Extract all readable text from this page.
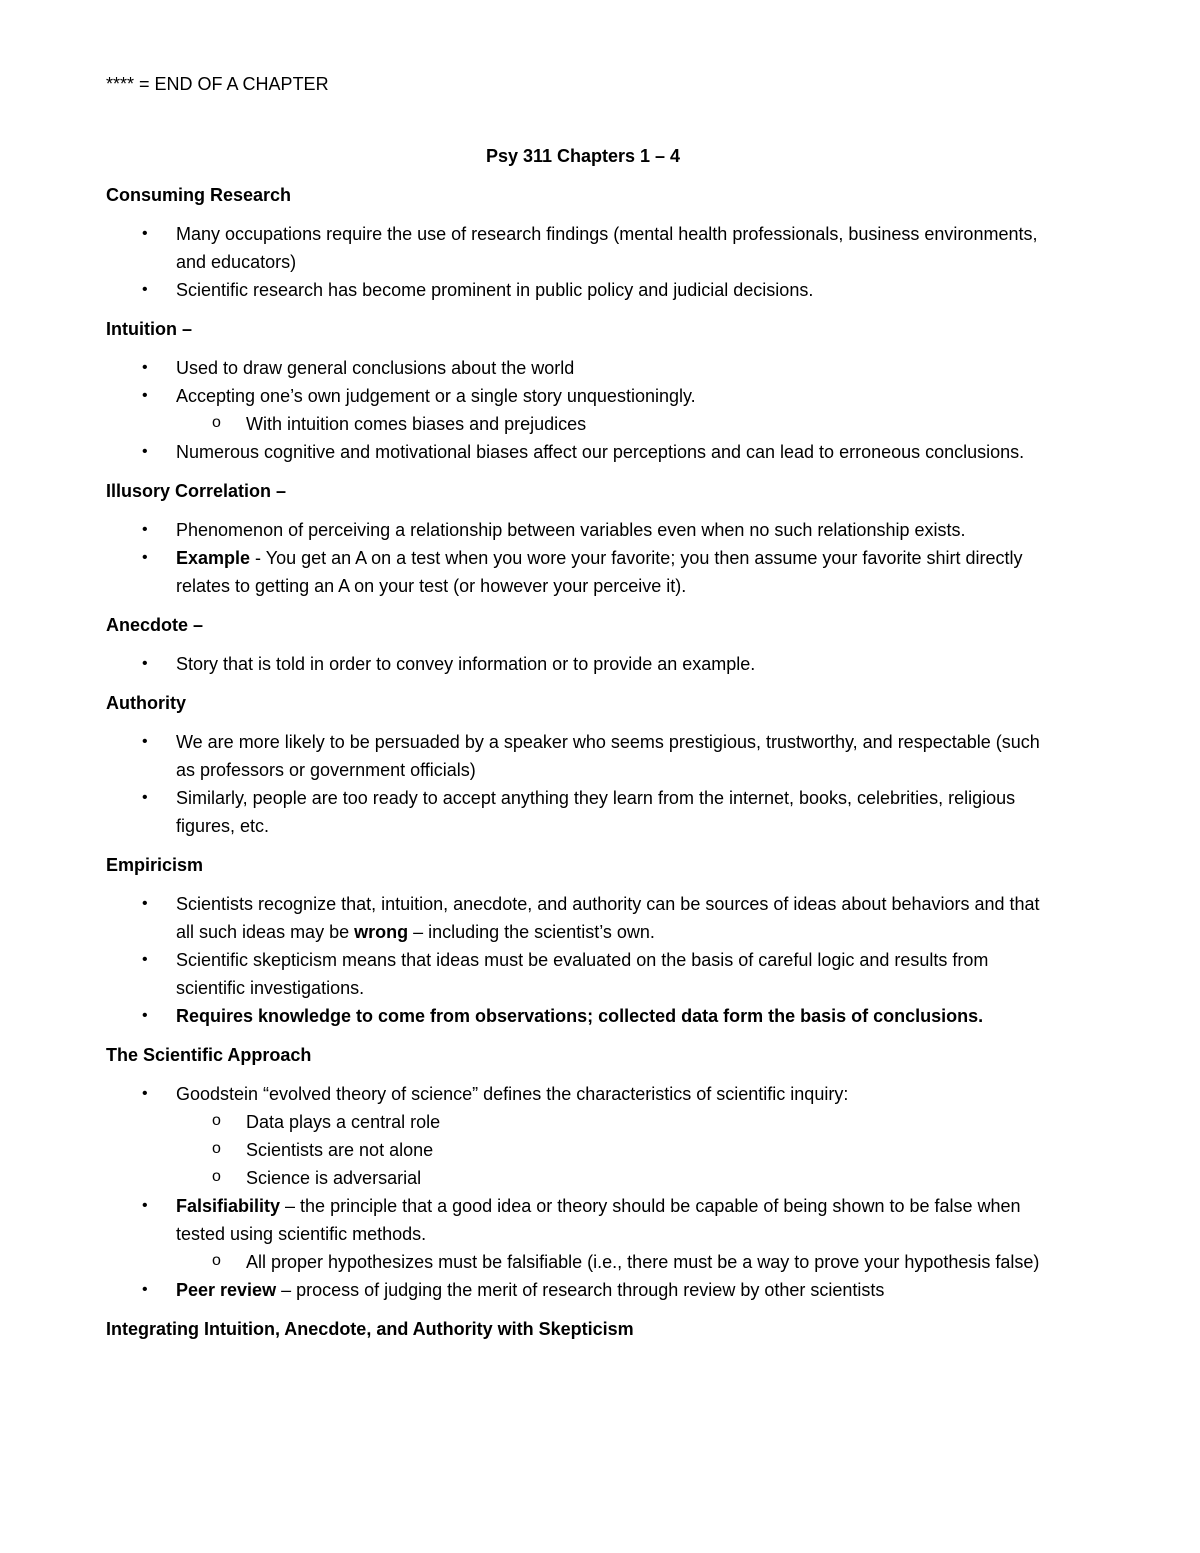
**** = END OF A CHAPTER

Psy 311 Chapters 1 – 4

Consuming Research

• Many occupations require the use of research findings (mental health professionals, business environments, and educators)
• Scientific research has become prominent in public policy and judicial decisions.

Intuition –

• Used to draw general conclusions about the world
• Accepting one’s own judgement or a single story unquestioningly.
o With intuition comes biases and prejudices
• Numerous cognitive and motivational biases affect our perceptions and can lead to erroneous conclusions.

Illusory Correlation –

• Phenomenon of perceiving a relationship between variables even when no such relationship exists.
• Example - You get an A on a test when you wore your favorite; you then assume your favorite shirt directly relates to getting an A on your test (or however your perceive it).

Anecdote –

• Story that is told in order to convey information or to provide an example.

Authority

• We are more likely to be persuaded by a speaker who seems prestigious, trustworthy, and respectable (such as professors or government officials)
• Similarly, people are too ready to accept anything they learn from the internet, books, celebrities, religious figures, etc.

Empiricism

• Scientists recognize that, intuition, anecdote, and authority can be sources of ideas about behaviors and that all such ideas may be wrong – including the scientist’s own.
• Scientific skepticism means that ideas must be evaluated on the basis of careful logic and results from scientific investigations.
• Requires knowledge to come from observations; collected data form the basis of conclusions.

The Scientific Approach

• Goodstein “evolved theory of science” defines the characteristics of scientific inquiry:
o Data plays a central role
o Scientists are not alone
o Science is adversarial
• Falsifiability – the principle that a good idea or theory should be capable of being shown to be false when tested using scientific methods.
o All proper hypothesizes must be falsifiable (i.e., there must be a way to prove your hypothesis false)
• Peer review – process of judging the merit of research through review by other scientists

Integrating Intuition, Anecdote, and Authority with Skepticism
